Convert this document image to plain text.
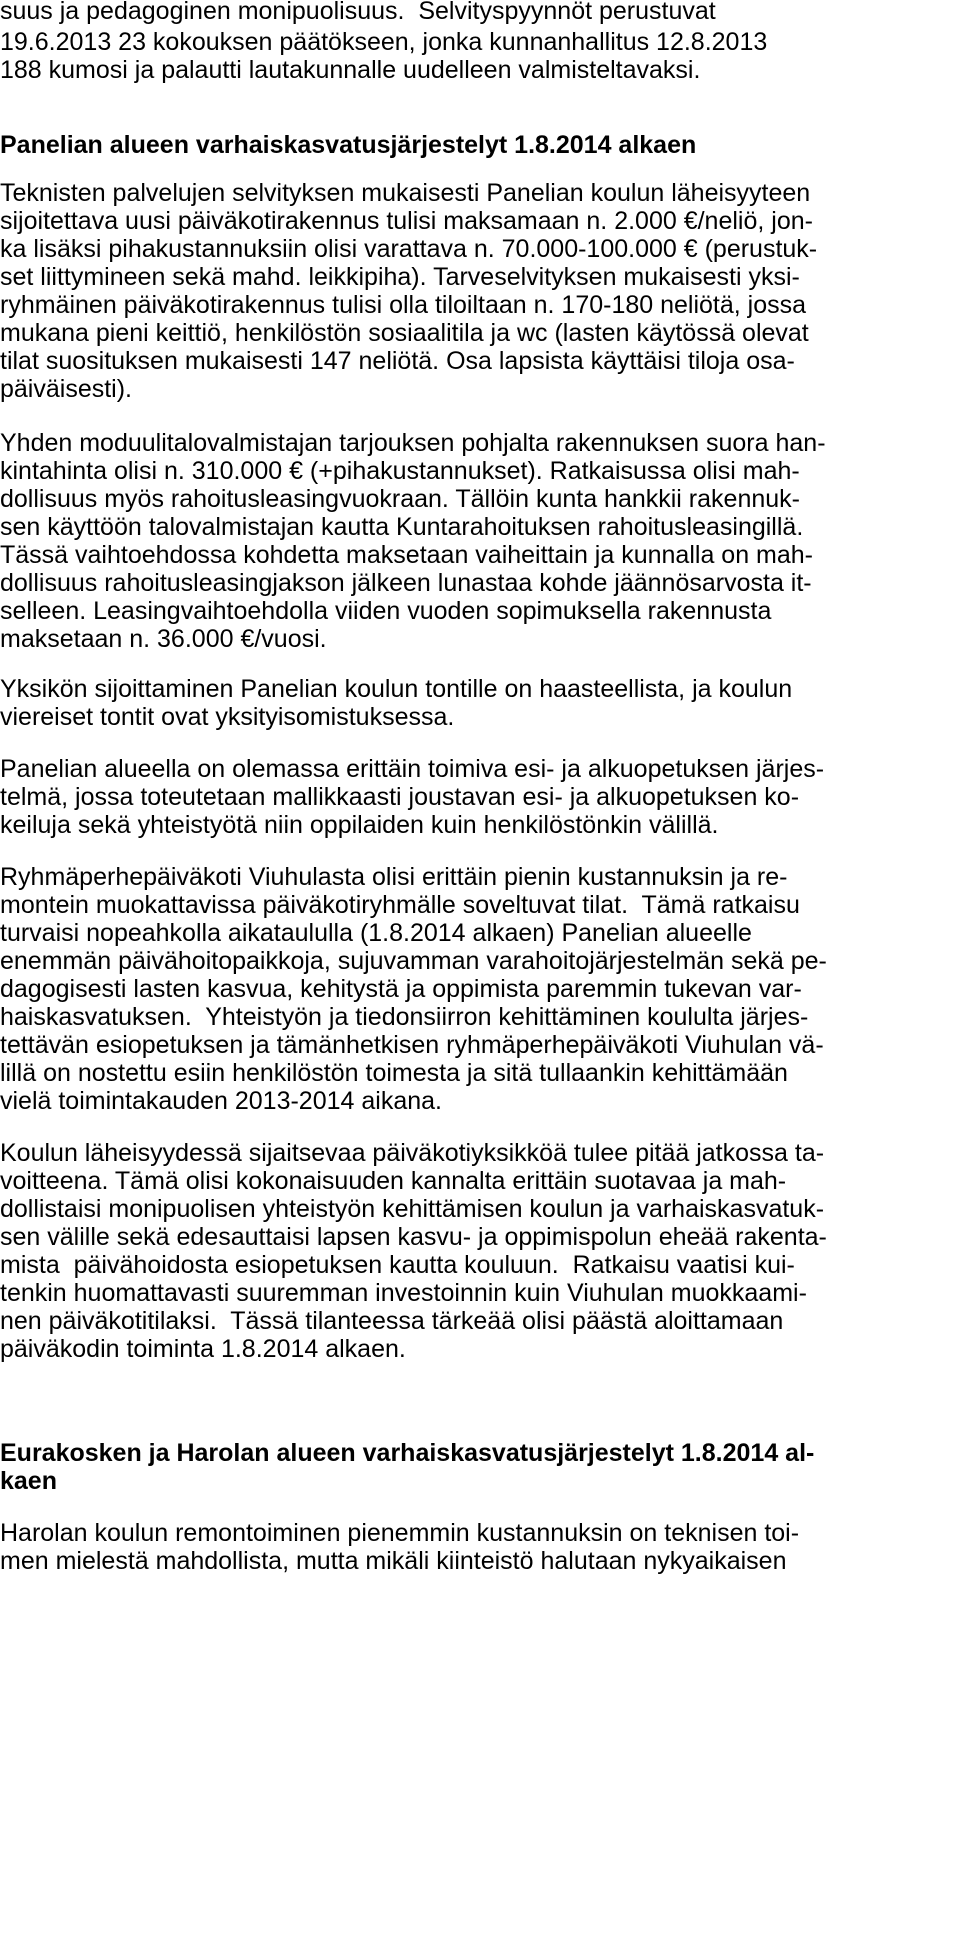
suus ja pedagoginen monipuolisuus.  Selvityspyynnöt perustuvat
19.6.2013 23 kokouksen päätökseen, jonka kunnanhallitus 12.8.2013
188 kumosi ja palautti lautakunnalle uudelleen valmisteltavaksi.
Panelian alueen varhaiskasvatusjärjestelyt 1.8.2014 alkaen
Teknisten palvelujen selvityksen mukaisesti Panelian koulun läheisyyteen
sijoitettava uusi päiväkotirakennus tulisi maksamaan n. 2.000 €/neliö, jon-
ka lisäksi pihakustannuksiin olisi varattava n. 70.000-100.000 € (perustuk-
set liittymineen sekä mahd. leikkipiha). Tarveselvityksen mukaisesti yksi-
ryhmäinen päiväkotirakennus tulisi olla tiloiltaan n. 170-180 neliötä, jossa
mukana pieni keittiö, henkilöstön sosiaalitila ja wc (lasten käytössä olevat
tilat suosituksen mukaisesti 147 neliötä. Osa lapsista käyttäisi tiloja osa-
päiväisesti).
Yhden moduulitalovalmistajan tarjouksen pohjalta rakennuksen suora han-
kintahinta olisi n. 310.000 € (+pihakustannukset). Ratkaisussa olisi mah-
dollisuus myös rahoitusleasingvuokraan. Tällöin kunta hankkii rakennuk-
sen käyttöön talovalmistajan kautta Kuntarahoituksen rahoitusleasingillä.
Tässä vaihtoehdossa kohdetta maksetaan vaiheittain ja kunnalla on mah-
dollisuus rahoitusleasingjakson jälkeen lunastaa kohde jäännösarvosta it-
selleen. Leasingvaihtoehdolla viiden vuoden sopimuksella rakennusta
maksetaan n. 36.000 €/vuosi.
Yksikön sijoittaminen Panelian koulun tontille on haasteellista, ja koulun
viereiset tontit ovat yksityisomistuksessa.
Panelian alueella on olemassa erittäin toimiva esi- ja alkuopetuksen järjes-
telmä, jossa toteutetaan mallikkaasti joustavan esi- ja alkuopetuksen ko-
keiluja sekä yhteistyötä niin oppilaiden kuin henkilöstönkin välillä.
Ryhmäperhepäiväkoti Viuhulasta olisi erittäin pienin kustannuksin ja re-
montein muokattavissa päiväkotiryhmälle soveltuvat tilat.  Tämä ratkaisu
turvaisi nopeahkolla aikataululla (1.8.2014 alkaen) Panelian alueelle
enemmän päivähoitopaikkoja, sujuvamman varahoitojärjestelmän sekä pe-
dagogisesti lasten kasvua, kehitystä ja oppimista paremmin tukevan var-
haiskasvatuksen.  Yhteistyön ja tiedonsiirron kehittäminen koululta järjes-
tettävän esiopetuksen ja tämänhetkisen ryhmäperhepäiväkoti Viuhulan vä-
lillä on nostettu esiin henkilöstön toimesta ja sitä tullaankin kehittämään
vielä toimintakauden 2013-2014 aikana.
Koulun läheisyydessä sijaitsevaa päiväkotiyksikköä tulee pitää jatkossa ta-
voitteena. Tämä olisi kokonaisuuden kannalta erittäin suotavaa ja mah-
dollistaisi monipuolisen yhteistyön kehittämisen koulun ja varhaiskasvatuk-
sen välille sekä edesauttaisi lapsen kasvu- ja oppimispolun eheää rakenta-
mista  päivähoidosta esiopetuksen kautta kouluun.  Ratkaisu vaatisi kui-
tenkin huomattavasti suuremman investoinnin kuin Viuhulan muokkaami-
nen päiväkotitilaksi.  Tässä tilanteessa tärkeää olisi päästä aloittamaan
päiväkodin toiminta 1.8.2014 alkaen.
Eurakosken ja Harolan alueen varhaiskasvatusjärjestelyt 1.8.2014 al-
kaen
Harolan koulun remontoiminen pienemmin kustannuksin on teknisen toi-
men mielestä mahdollista, mutta mikäli kiinteistö halutaan nykyaikaisen
